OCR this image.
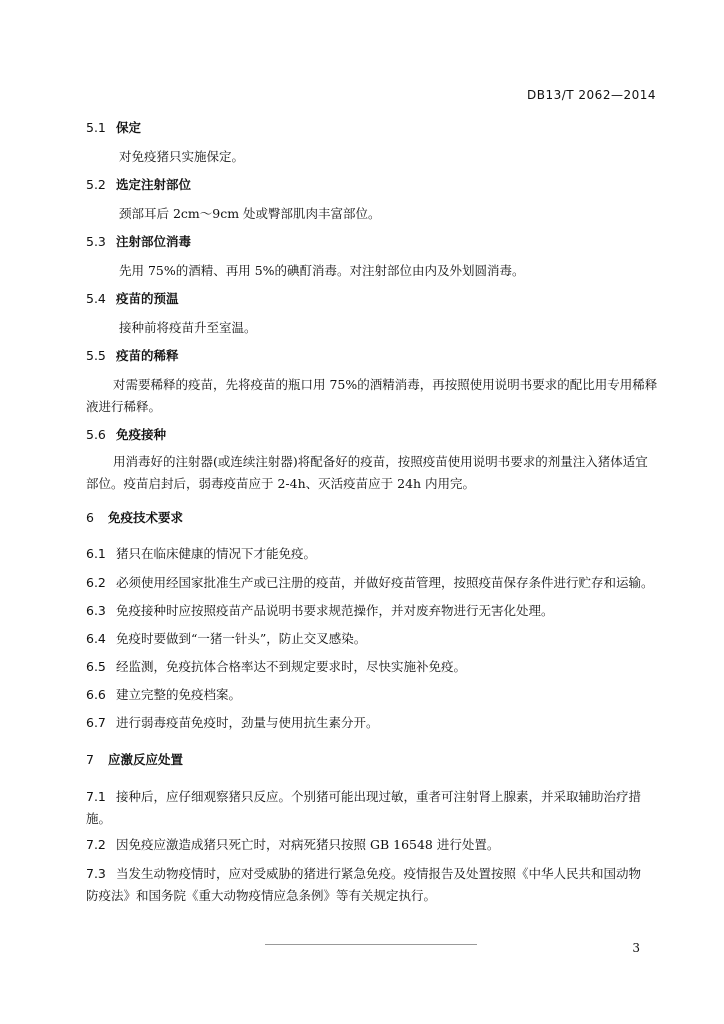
DB13/T 2062—2014
5.1 保定
对免疫猪只实施保定。
5.2 选定注射部位
颈部耳后 2cm～9cm 处或臀部肌肉丰富部位。
5.3 注射部位消毒
先用 75%的酒精、再用 5%的碘酊消毒。对注射部位由内及外划圆消毒。
5.4 疫苗的预温
接种前将疫苗升至室温。
5.5 疫苗的稀释
对需要稀释的疫苗，先将疫苗的瓶口用 75%的酒精消毒，再按照使用说明书要求的配比用专用稀释
液进行稀释。
5.6 免疫接种
用消毒好的注射器(或连续注射器)将配备好的疫苗，按照疫苗使用说明书要求的剂量注入猪体适宜
部位。疫苗启封后，弱毒疫苗应于 2-4h、灭活疫苗应于 24h 内用完。
6 免疫技术要求
6.1 猪只在临床健康的情况下才能免疫。
6.2 必须使用经国家批准生产或已注册的疫苗，并做好疫苗管理，按照疫苗保存条件进行贮存和运输。
6.3 免疫接种时应按照疫苗产品说明书要求规范操作，并对废弃物进行无害化处理。
6.4 免疫时要做到“一猪一针头”，防止交叉感染。
6.5 经监测，免疫抗体合格率达不到规定要求时，尽快实施补免疫。
6.6 建立完整的免疫档案。
6.7 进行弱毒疫苗免疫时，劲量与使用抗生素分开。
7 应激反应处置
7.1 接种后，应仔细观察猪只反应。个别猪可能出现过敏，重者可注射肾上腺素，并采取辅助治疗措
施。
7.2 因免疫应激造成猪只死亡时，对病死猪只按照 GB 16548 进行处置。
7.3 当发生动物疫情时，应对受威胁的猪进行紧急免疫。疫情报告及处置按照《中华人民共和国动物
防疫法》和国务院《重大动物疫情应急条例》等有关规定执行。
3
